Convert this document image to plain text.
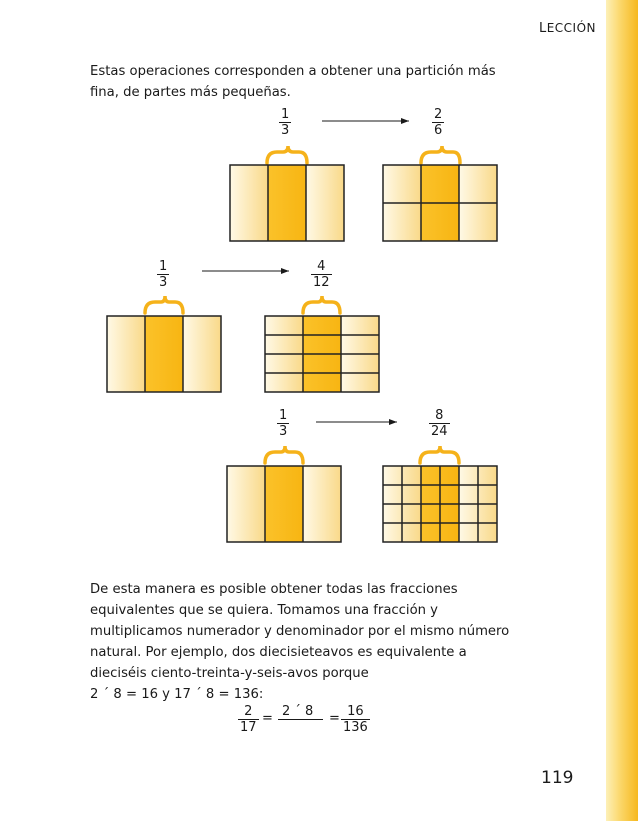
LECCIÓN
Estas operaciones corresponden a obtener una partición más fina, de partes más pequeñas.
$\frac{1}{3}$	$\frac{2}{6}$
$\frac{1}{3}$	$\frac{4}{12}$
$\frac{1}{3}$	$\frac{8}{24}$
De esta manera es posible obtener todas las fracciones equivalentes que se quiera. Tomamos una fracción y multiplicamos numerador y denominador por el mismo número natural. Por ejemplo, dos diecisieteavos es equivalente a dieciséis ciento-treinta-y-seis-avos porque
2 ´ 8 = 16 y 17 ´ 8 = 136:
$\frac{2}{17} = 2$ ´ 8	= $\frac{16}{136}$
119
